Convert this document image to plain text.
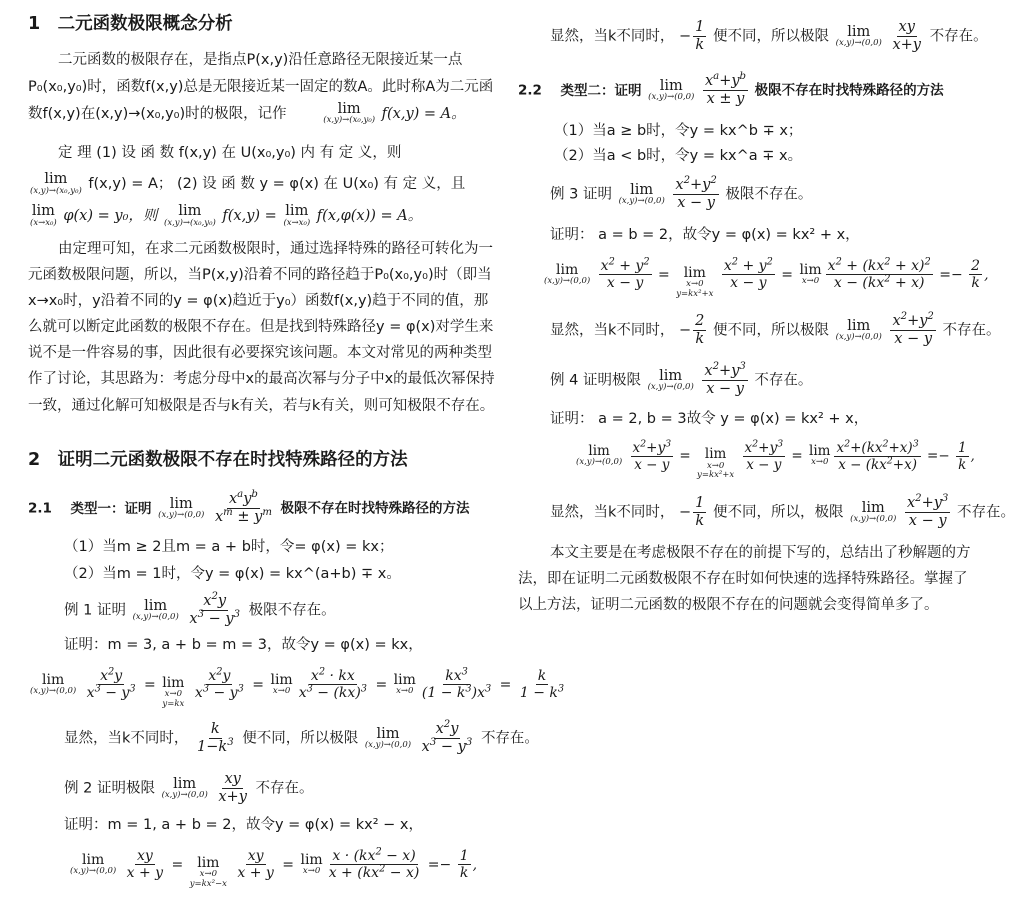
1　二元函数极限概念分析
二元函数的极限存在，是指点P(x,y)沿任意路径无限接近某一点P₀(x₀,y₀)时，函数f(x,y)总是无限接近某一固定的数A。此时称A为二元函数f(x,y)在(x,y)→(x₀,y₀)时的极限，记作	lim
(x,y)→(x₀,y₀) f(x,y) = A。
定 理 (1) 设 函 数 f(x,y) 在 U(x₀,y₀) 内 有 定 义，则
lim
(x,y)→(x₀,y₀) f(x,y) = A； (2) 设 函 数 y = φ(x) 在 U(x₀) 有 定 义，且
lim
(x→x₀) φ(x) = y₀，则 lim
(x,y)→(x₀,y₀) f(x,y) = lim
(x→x₀) f(x,φ(x)) = A。
由定理可知，在求二元函数极限时，通过选择特殊的路径可转化为一元函数极限问题，所以，当P(x,y)沿着不同的路径趋于P₀(x₀,y₀)时（即当x→x₀时，y沿着不同的y = φ(x)趋近于y₀）函数f(x,y)趋于不同的值，那么就可以断定此函数的极限不存在。但是找到特殊路径y = φ(x)对学生来说不是一件容易的事，因此很有必要探究该问题。本文对常见的两种类型作了讨论，其思路为：考虑分母中x的最高次幂与分子中x的最低次幂保持一致，通过化解可知极限是否与k有关，若与k有关，则可知极限不存在。
2　证明二元函数极限不存在时找特殊路径的方法
2.1 类型一：证明 lim
(x,y)→(0,0)
$\frac{x^ay^b}{x^m \pm y^m}$ 极限不存在时找特殊路径的方法
（1）当m ≥ 2且m = a + b时，令= φ(x) = kx；
（2）当m = 1时，令y = φ(x) = kx^(a+b) ∓ x。
例 1 证明 lim
(x,y)→(0,0)
$\frac{x^2y}{x^3 - y^3}$ 极限不存在。
证明：m = 3, a + b = m = 3，故令y = φ(x) = kx，
lim
(x,y)→(0,0)
$\frac{x^2y}{x^3 - y^3} = \lim$
x→0
y=kx

$\frac{x^2y}{x^3 - y^3} = \lim$
$x\to 0 \frac{x^2 \cdot kx}{x^3 - (kx)^3} = \lim$
$x\to 0 \frac{kx^3}{(1 - k^3)x^3} = \frac{k}{1 - k^3}$
显然，当k不同时， $\frac{k}{1-k^3}$ 便不同，所以极限 lim
(x,y)→(0,0)
$\frac{x^2y}{x^3 - y^3}$ 不存在。
例 2 证明极限 lim
(x,y)→(0,0)
$\frac{xy}{x+y}$ 不存在。
证明：m = 1, a + b = 2，故令y = φ(x) = kx² − x，
lim
(x,y)→(0,0)
$\frac{xy}{x + y} = \lim$
x→0
y=kx²−x

$\frac{xy}{x + y} = \lim$
$x\to 0 \frac{x \cdot (kx^2 - x)}{x + (kx^2 - x)} =- \frac{1}{k}$ ,
显然，当k不同时， − $\frac{1}{k}$ 便不同，所以极限 lim
(x,y)→(0,0)
$\frac{xy}{x+y}$ 不存在。
2.2 类型二：证明 lim
(x,y)→(0,0)
$\frac{x^a+y^b}{x \pm y}$ 极限不存在时找特殊路径的方法
（1）当a ≥ b时，令y = kx^b ∓ x；
（2）当a < b时，令y = kx^a ∓ x。
例 3 证明 lim
(x,y)→(0,0)
$\frac{x^2+y^2}{x - y}$ 极限不存在。
证明： a = b = 2，故令y = φ(x) = kx² + x，
lim
(x,y)→(0,0)
$\frac{x^2 + y^2}{x - y} = \lim$
x→0
y=kx²+x

$\frac{x^2 + y^2}{x - y} = \lim$
$x\to 0 \frac{x^2 + (kx^2 + x)^2}{x - (kx^2 + x)} =- \frac{2}{k}$ ,
显然，当k不同时， − $\frac{2}{k}$ 便不同，所以极限 lim
(x,y)→(0,0)
$\frac{x^2+y^2}{x - y}$ 不存在。
例 4 证明极限 lim
(x,y)→(0,0)
$\frac{x^2+y^3}{x - y}$ 不存在。
证明： a = 2, b = 3故令 y = φ(x) = kx² + x，
lim
(x,y)→(0,0)
$\frac{x^2+y^3}{x - y} = \lim$
x→0
y=kx²+x

$\frac{x^2+y^3}{x - y} = \lim$
$x\to 0 \frac{x^2+(kx^2+x)^3}{x - (kx^2+x)} =- \frac{1}{k}$ ,
显然，当k不同时， − $\frac{1}{k}$ 便不同，所以，极限 lim
(x,y)→(0,0)
$\frac{x^2+y^3}{x - y}$ 不存在。
本文主要是在考虑极限不存在的前提下写的，总结出了秒解题的方法，即在证明二元函数极限不存在时如何快速的选择特殊路径。掌握了以上方法，证明二元函数的极限不存在的问题就会变得简单多了。
